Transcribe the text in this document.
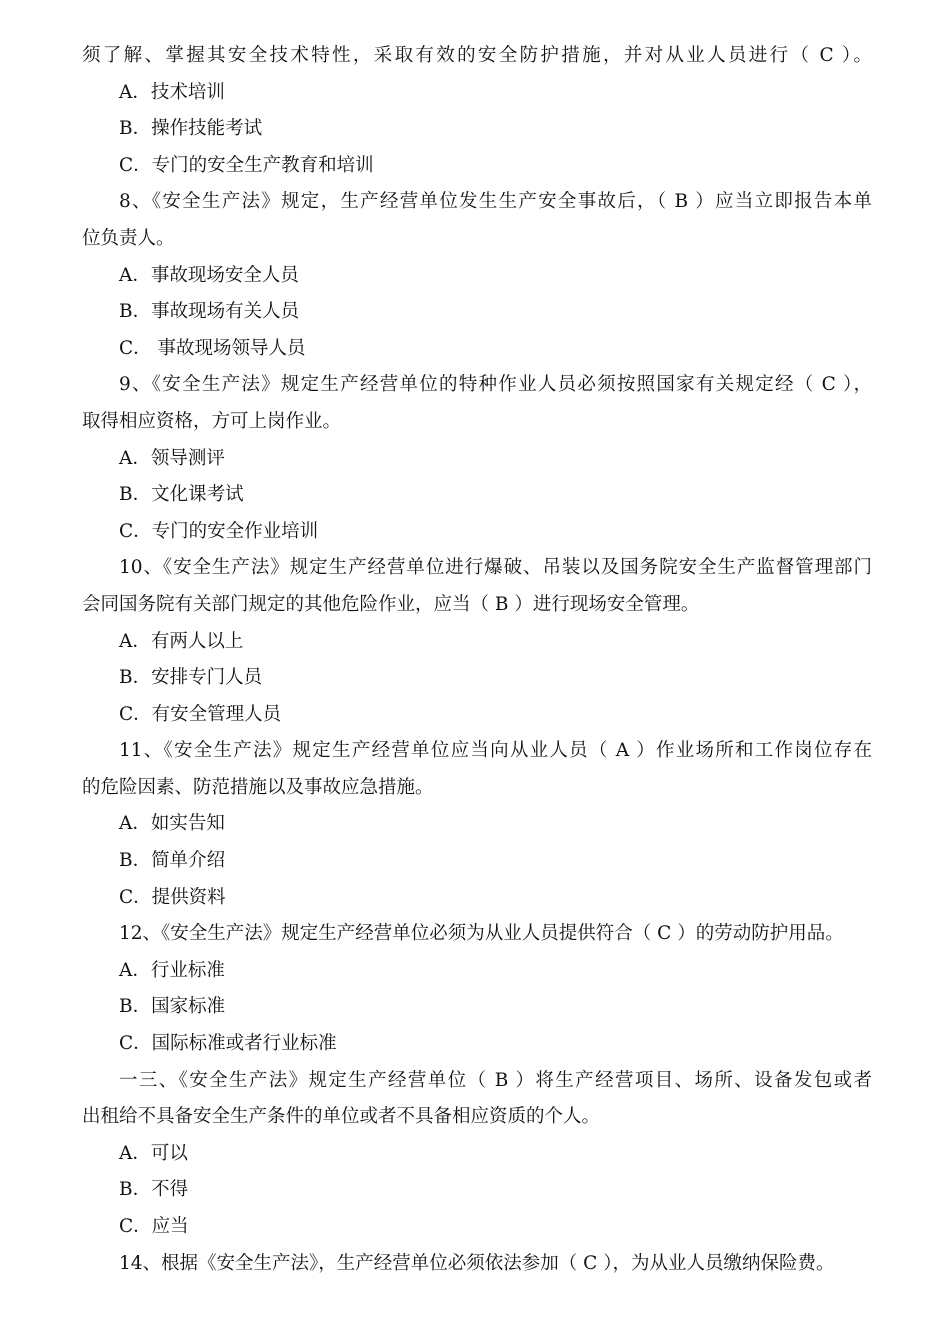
须了解、掌握其安全技术特性，采取有效的安全防护措施，并对从业人员进行（ C ）。
A．技术培训
B．操作技能考试
C．专门的安全生产教育和培训
8、《安全生产法》规定，生产经营单位发生生产安全事故后，（ B ）应当立即报告本单
位负责人。
A．事故现场安全人员
B．事故现场有关人员
C． 事故现场领导人员
9、《安全生产法》规定生产经营单位的特种作业人员必须按照国家有关规定经（ C ），
取得相应资格，方可上岗作业。
A．领导测评
B．文化课考试
C．专门的安全作业培训
10、《安全生产法》规定生产经营单位进行爆破、吊装以及国务院安全生产监督管理部门
会同国务院有关部门规定的其他危险作业，应当（ B ）进行现场安全管理。
A．有两人以上
B．安排专门人员
C．有安全管理人员
11、《安全生产法》规定生产经营单位应当向从业人员（ A ）作业场所和工作岗位存在
的危险因素、防范措施以及事故应急措施。
A．如实告知
B．简单介绍
C．提供资料
12、《安全生产法》规定生产经营单位必须为从业人员提供符合（ C ）的劳动防护用品。
A．行业标准
B．国家标准
C．国际标准或者行业标准
一三、《安全生产法》规定生产经营单位（ B ）将生产经营项目、场所、设备发包或者
出租给不具备安全生产条件的单位或者不具备相应资质的个人。
A．可以
B．不得
C．应当
14、根据《安全生产法》，生产经营单位必须依法参加（ C ），为从业人员缴纳保险费。
